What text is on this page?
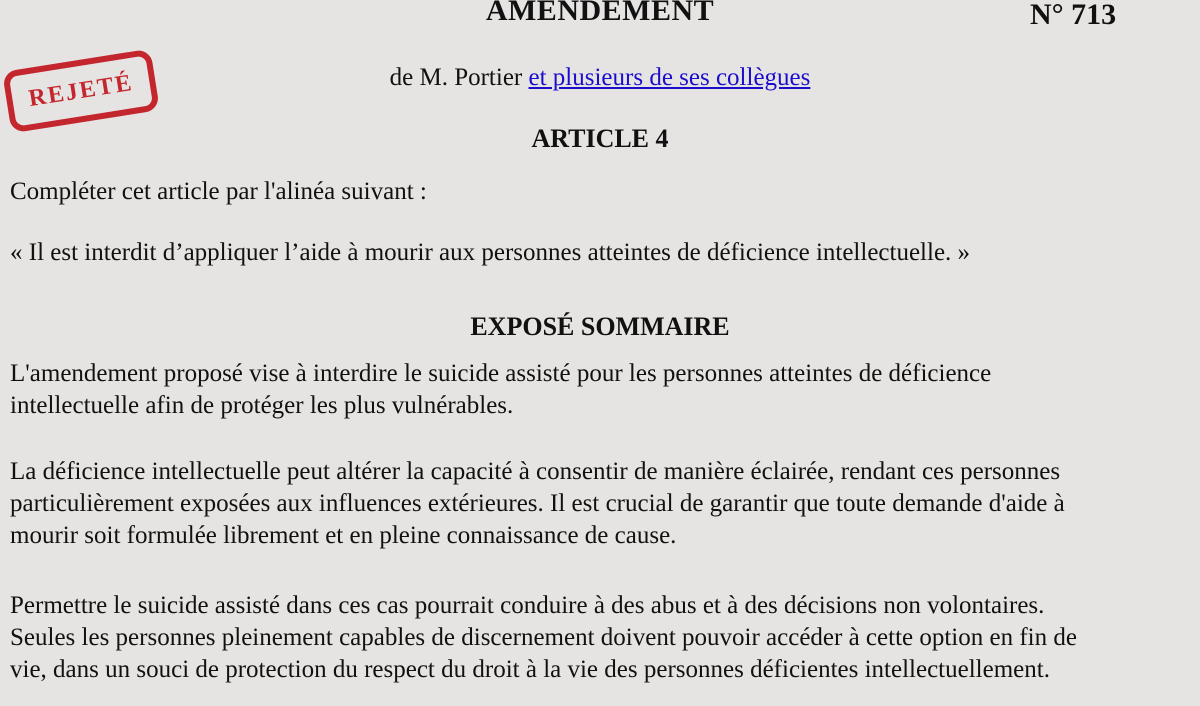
AMENDEMENT	N° 713
REJETÉ	de M. Portier et plusieurs de ses collègues
ARTICLE 4
Compléter cet article par l'alinéa suivant :
« Il est interdit d’appliquer l’aide à mourir aux personnes atteintes de déficience intellectuelle. »
EXPOSÉ SOMMAIRE
L'amendement proposé vise à interdire le suicide assisté pour les personnes atteintes de déficience
intellectuelle afin de protéger les plus vulnérables.
La déficience intellectuelle peut altérer la capacité à consentir de manière éclairée, rendant ces personnes
particulièrement exposées aux influences extérieures. Il est crucial de garantir que toute demande d'aide à
mourir soit formulée librement et en pleine connaissance de cause.
Permettre le suicide assisté dans ces cas pourrait conduire à des abus et à des décisions non volontaires.
Seules les personnes pleinement capables de discernement doivent pouvoir accéder à cette option en fin de
vie, dans un souci de protection du respect du droit à la vie des personnes déficientes intellectuellement.
